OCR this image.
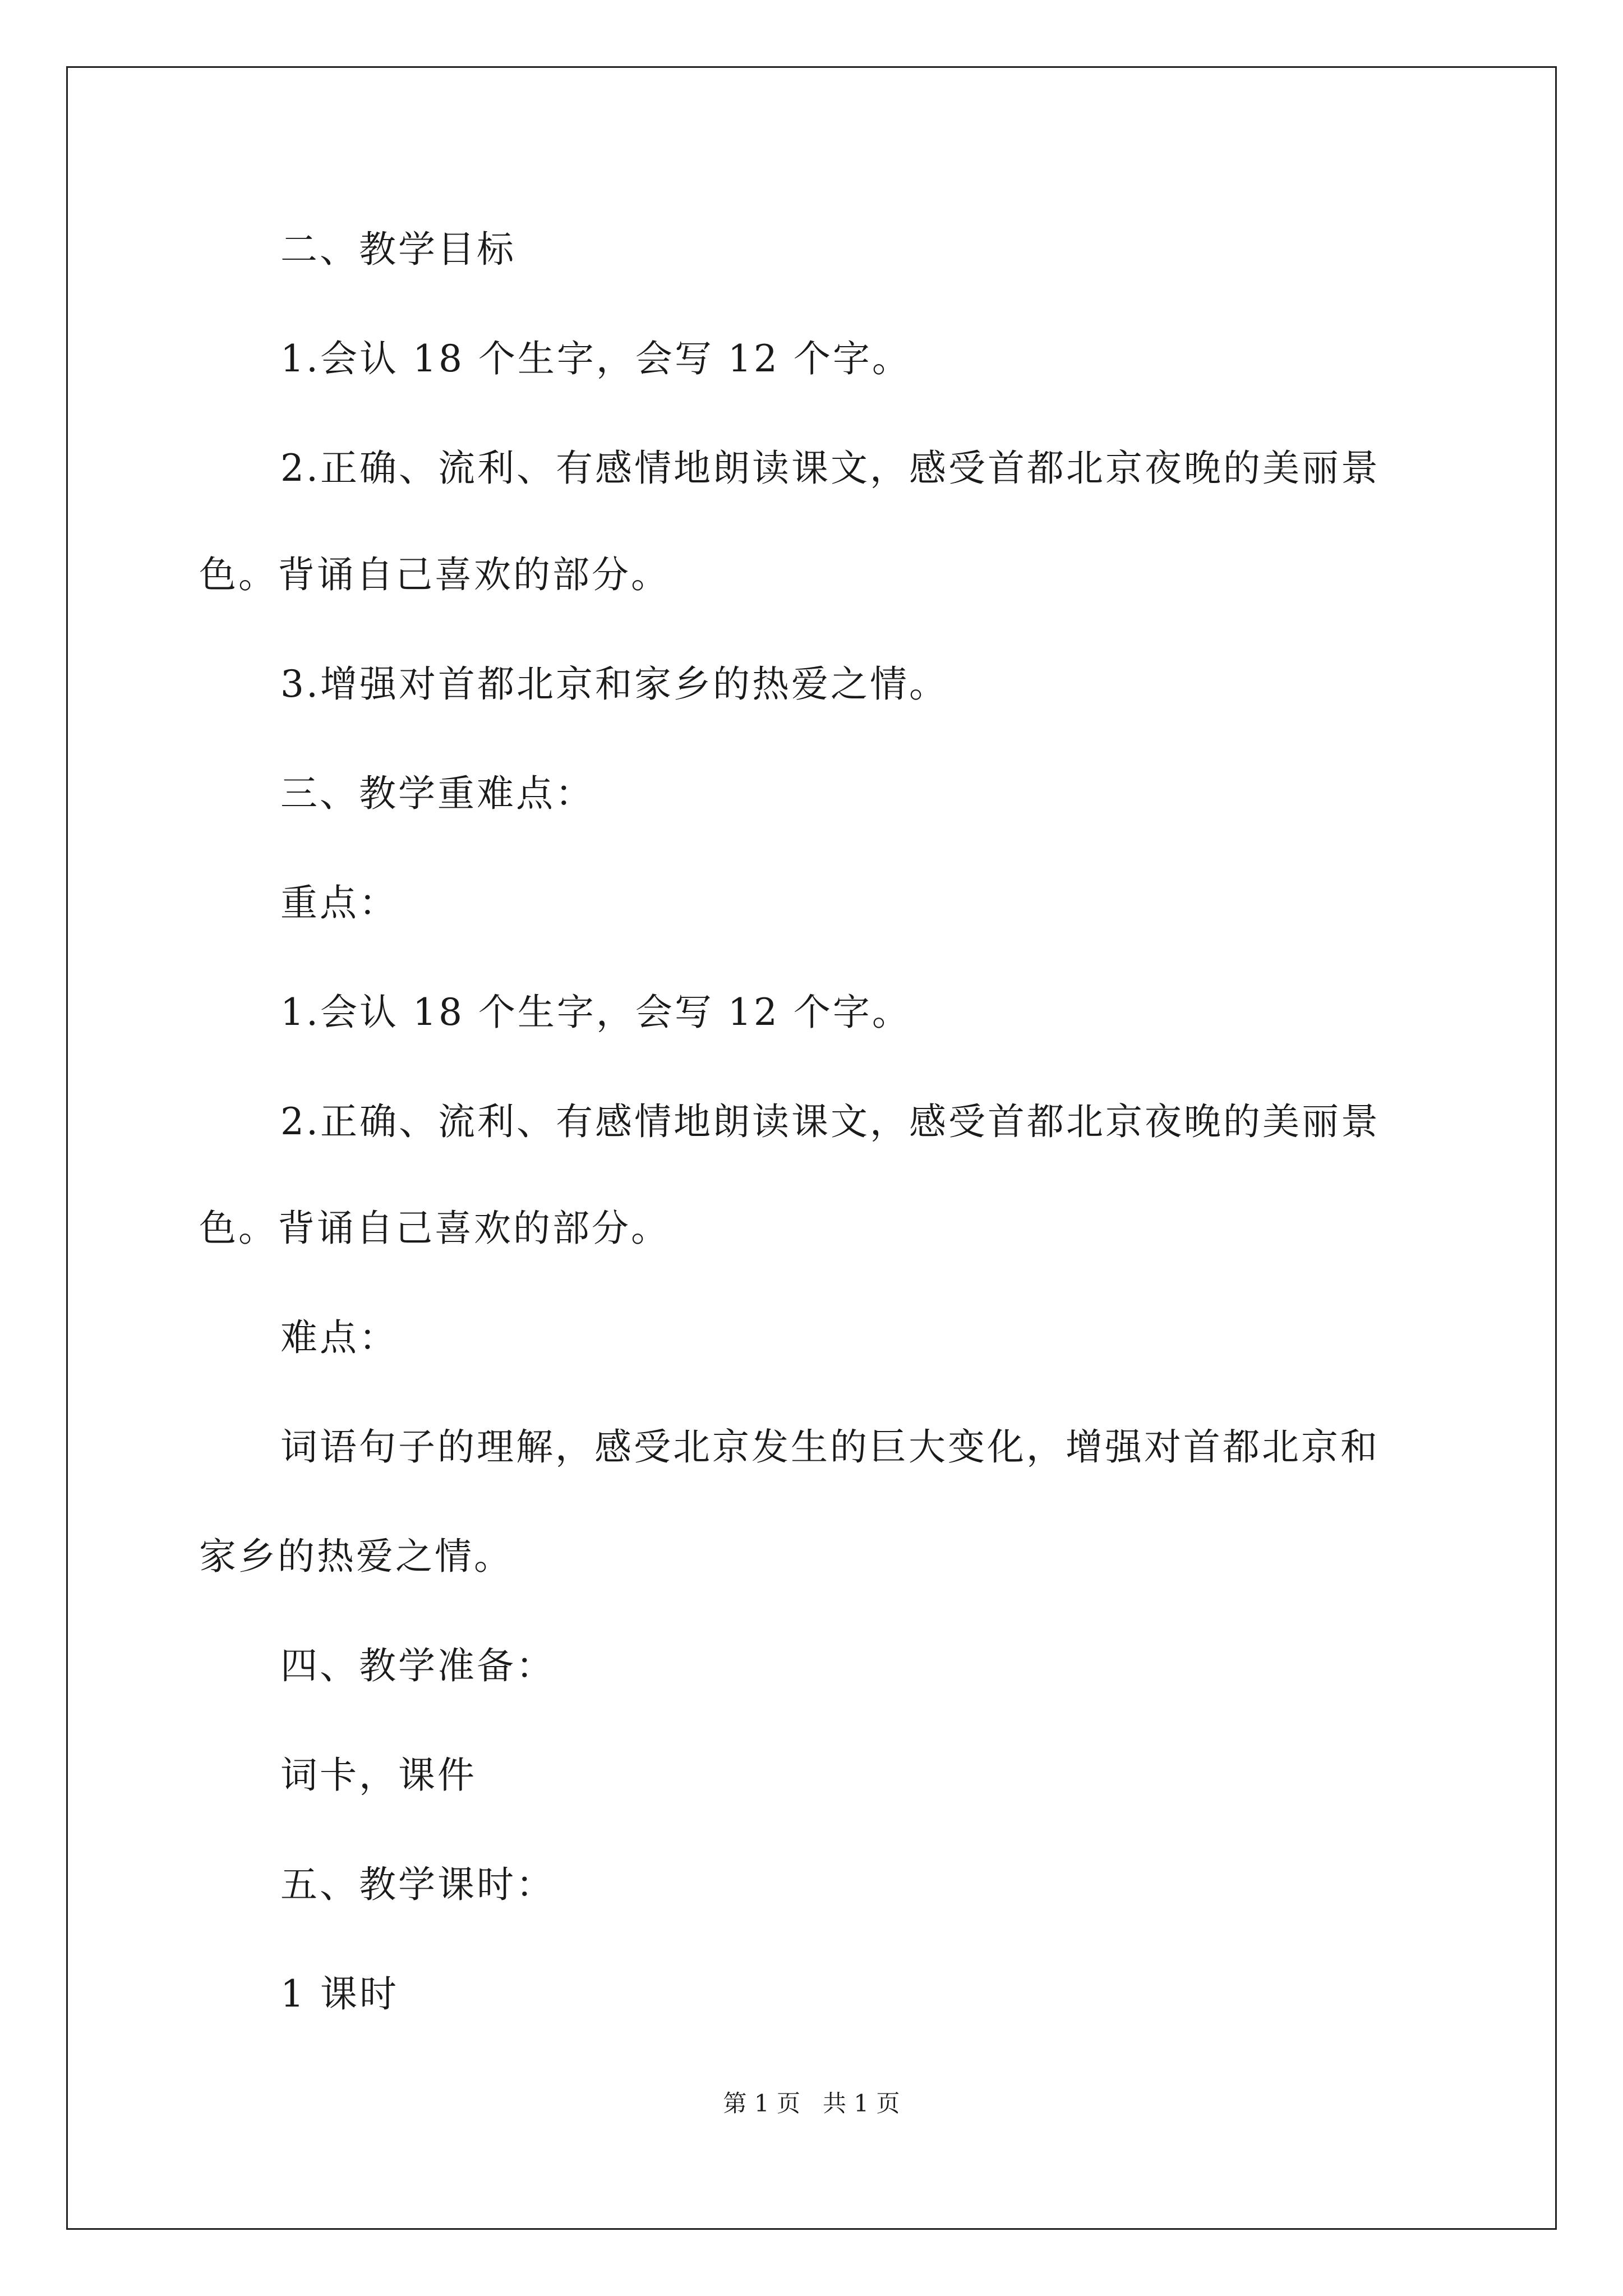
二、教学目标
1.会认 18 个生字，会写 12 个字。
2.正确、流利、有感情地朗读课文，感受首都北京夜晚的美丽景
色。背诵自己喜欢的部分。
3.增强对首都北京和家乡的热爱之情。
三、教学重难点：
重点：
1.会认 18 个生字，会写 12 个字。
2.正确、流利、有感情地朗读课文，感受首都北京夜晚的美丽景
色。背诵自己喜欢的部分。
难点：
词语句子的理解，感受北京发生的巨大变化，增强对首都北京和
家乡的热爱之情。
四、教学准备：
词卡，课件
五、教学课时：
1 课时
第 1 页   共 1 页
